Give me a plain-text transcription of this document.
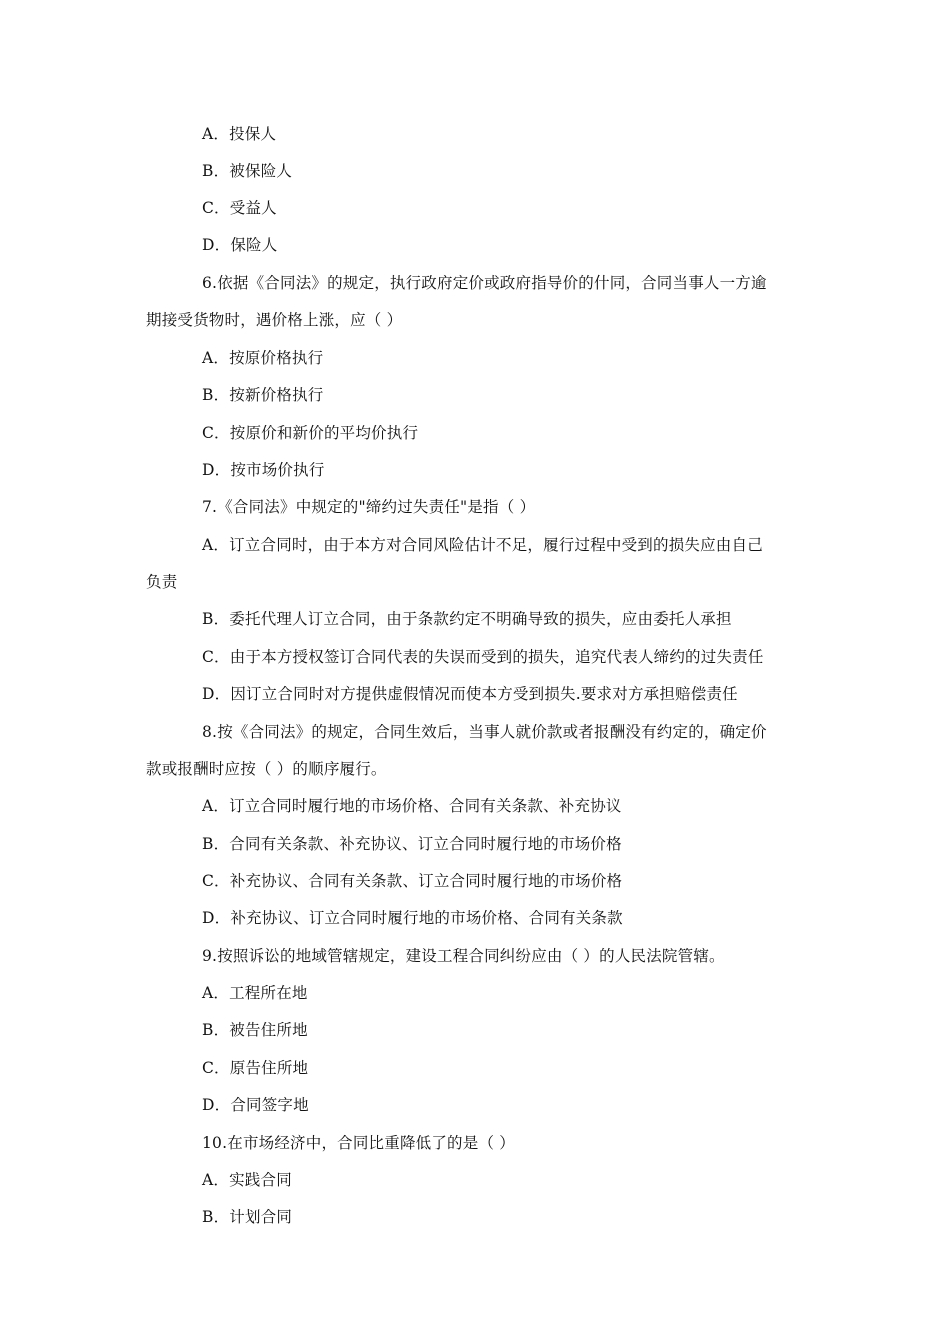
A．投保人
B．被保险人
C．受益人
D．保险人
6.依据《合同法》的规定，执行政府定价或政府指导价的什同，合同当事人一方逾
期接受货物时，遇价格上涨，应（ ）
A．按原价格执行
B．按新价格执行
C．按原价和新价的平均价执行
D．按市场价执行
7.《合同法》中规定的"缔约过失责任"是指（ ）
A．订立合同时，由于本方对合同风险估计不足，履行过程中受到的损失应由自己
负责
B．委托代理人订立合同，由于条款约定不明确导致的损失，应由委托人承担
C．由于本方授权签订合同代表的失误而受到的损失，追究代表人缔约的过失责任
D．因订立合同时对方提供虚假情况而使本方受到损失.要求对方承担赔偿责任
8.按《合同法》的规定，合同生效后，当事人就价款或者报酬没有约定的，确定价
款或报酬时应按（ ）的顺序履行。
A．订立合同时履行地的市场价格、合同有关条款、补充协议
B．合同有关条款、补充协议、订立合同时履行地的市场价格
C．补充协议、合同有关条款、订立合同时履行地的市场价格
D．补充协议、订立合同时履行地的市场价格、合同有关条款
9.按照诉讼的地域管辖规定，建设工程合同纠纷应由（ ）的人民法院管辖。
A．工程所在地
B．被告住所地
C．原告住所地
D．合同签字地
10.在市场经济中，合同比重降低了的是（ ）
A．实践合同
B．计划合同
